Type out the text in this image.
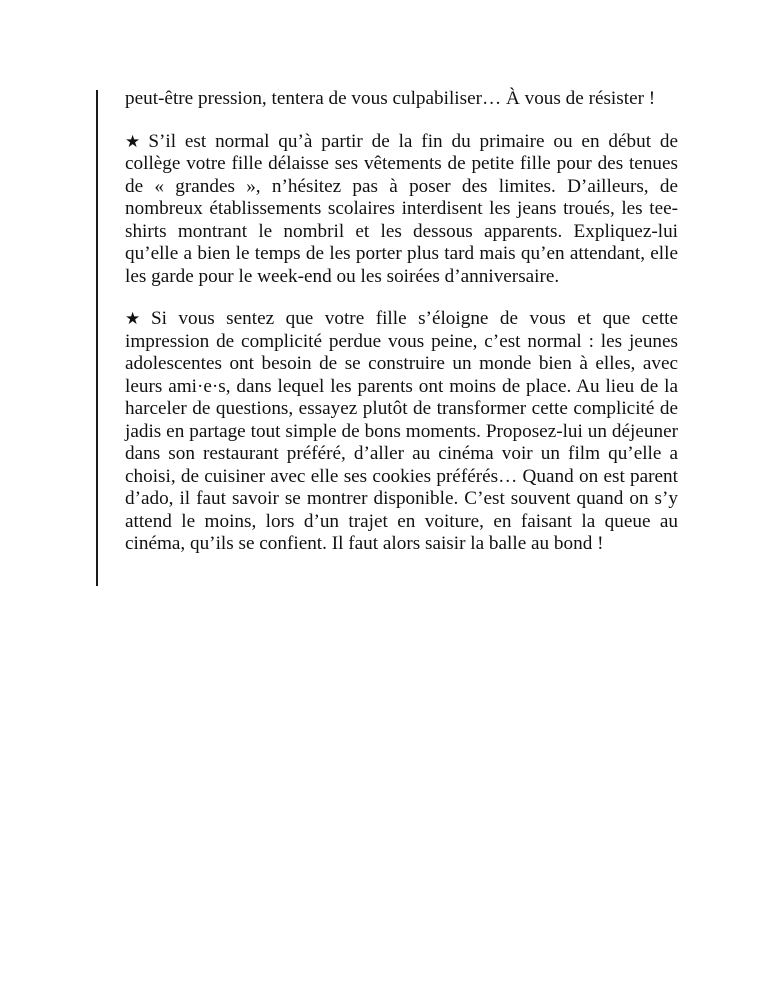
peut-être pression, tentera de vous culpabiliser… À vous de résister !

★ S’il est normal qu’à partir de la fin du primaire ou en début de collège votre fille délaisse ses vêtements de petite fille pour des tenues de « grandes », n’hésitez pas à poser des limites. D’ailleurs, de nombreux établissements scolaires interdisent les jeans troués, les tee-shirts montrant le nombril et les dessous apparents. Expliquez-lui qu’elle a bien le temps de les porter plus tard mais qu’en attendant, elle les garde pour le week-end ou les soirées d’anniversaire.

★ Si vous sentez que votre fille s’éloigne de vous et que cette impression de complicité perdue vous peine, c’est normal : les jeunes adolescentes ont besoin de se construire un monde bien à elles, avec leurs ami·e·s, dans lequel les parents ont moins de place. Au lieu de la harceler de questions, essayez plutôt de transformer cette complicité de jadis en partage tout simple de bons moments. Proposez-lui un déjeuner dans son restaurant préféré, d’aller au cinéma voir un film qu’elle a choisi, de cuisiner avec elle ses cookies préférés… Quand on est parent d’ado, il faut savoir se montrer disponible. C’est souvent quand on s’y attend le moins, lors d’un trajet en voiture, en faisant la queue au cinéma, qu’ils se confient. Il faut alors saisir la balle au bond !
